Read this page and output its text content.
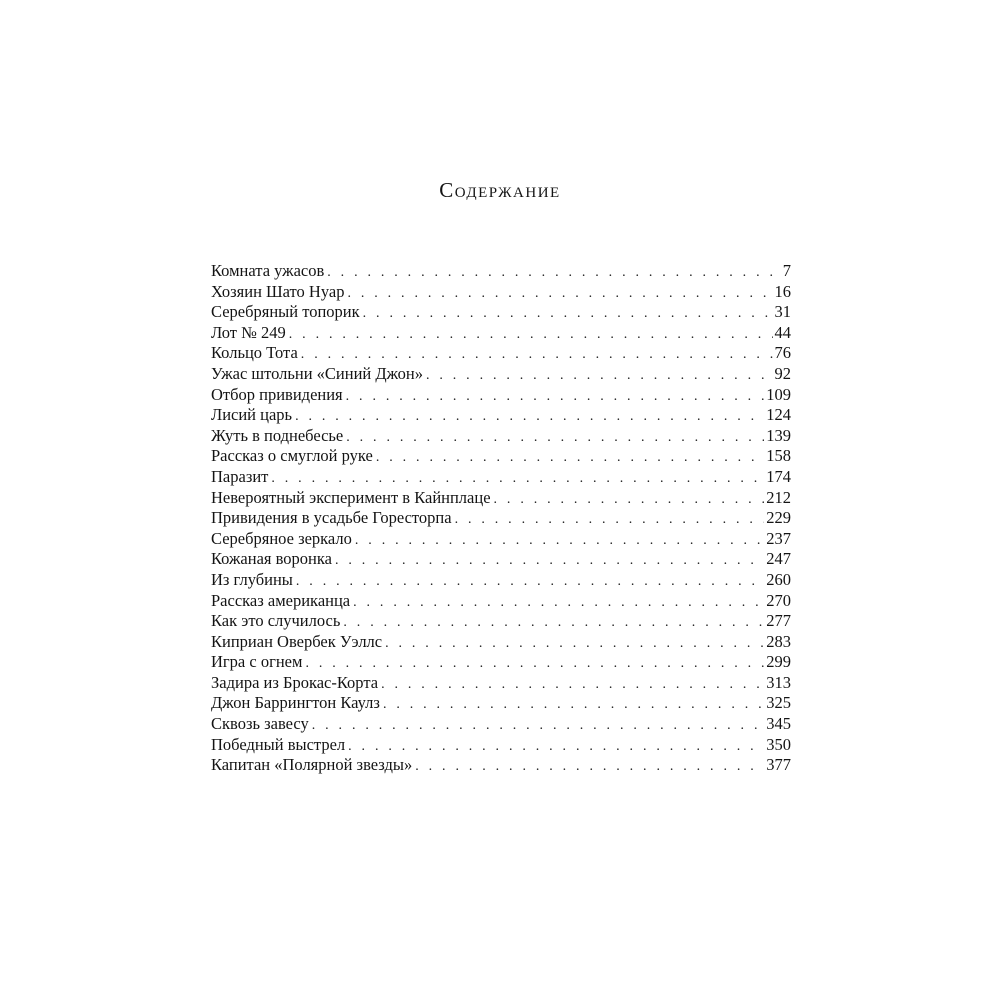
Содержание
Комната ужасов . . .	7
Хозяин Шато Нуар . . .	16
Серебряный топорик . . .	31
Лот № 249 . . .	44
Кольцо Тота . . .	76
Ужас штольни «Синий Джон» . . .	92
Отбор привидения . . .	109
Лисий царь . . .	124
Жуть в поднебесье . . .	139
Рассказ о смуглой руке . . .	158
Паразит . . .	174
Невероятный эксперимент в Кайнплаце . . .	212
Привидения в усадьбе Горесторпа . . .	229
Серебряное зеркало . . .	237
Кожаная воронка . . .	247
Из глубины . . .	260
Рассказ американца . . .	270
Как это случилось . . .	277
Киприан Овербек Уэллс . . .	283
Игра с огнем . . .	299
Задира из Брокас-Корта . . .	313
Джон Баррингтон Каулз . . .	325
Сквозь завесу . . .	345
Победный выстрел . . .	350
Капитан «Полярной звезды» . . .	377
